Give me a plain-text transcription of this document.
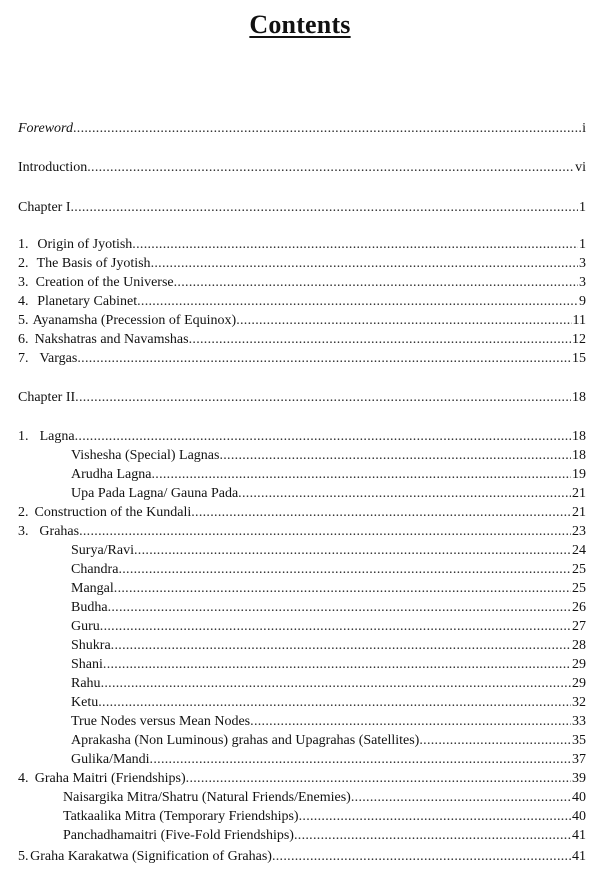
Contents
Foreword .....	i
Introduction .....	vi
Chapter I .....	1
1. Origin of Jyotish .....	1
2. The Basis of Jyotish .....	3
3. Creation of the Universe .....	3
4. Planetary Cabinet .....	9
5. Ayanamsha (Precession of Equinox) .....	11
6. Nakshatras and Navamshas .....	12
7. Vargas .....	15
Chapter II .....	18
1. Lagna .....	18
Vishesha (Special) Lagnas .....	18
Arudha Lagna .....	19
Upa Pada Lagna/ Gauna Pada .....	21
2. Construction of the Kundali .....	21
3. Grahas .....	23
Surya/Ravi .....	24
Chandra .....	25
Mangal .....	25
Budha .....	26
Guru .....	27
Shukra .....	28
Shani .....	29
Rahu .....	29
Ketu .....	32
True Nodes versus Mean Nodes .....	33
Aprakasha (Non Luminous) grahas and Upagrahas (Satellites) .....	35
Gulika/Mandi .....	37
4. Graha Maitri (Friendships) .....	39
Naisargika Mitra/Shatru (Natural Friends/Enemies) .....	40
Tatkaalika Mitra (Temporary Friendships) .....	40
Panchadhamaitri (Five-Fold Friendships) .....	41
5. Graha Karakatwa (Signification of Grahas) .....	41
